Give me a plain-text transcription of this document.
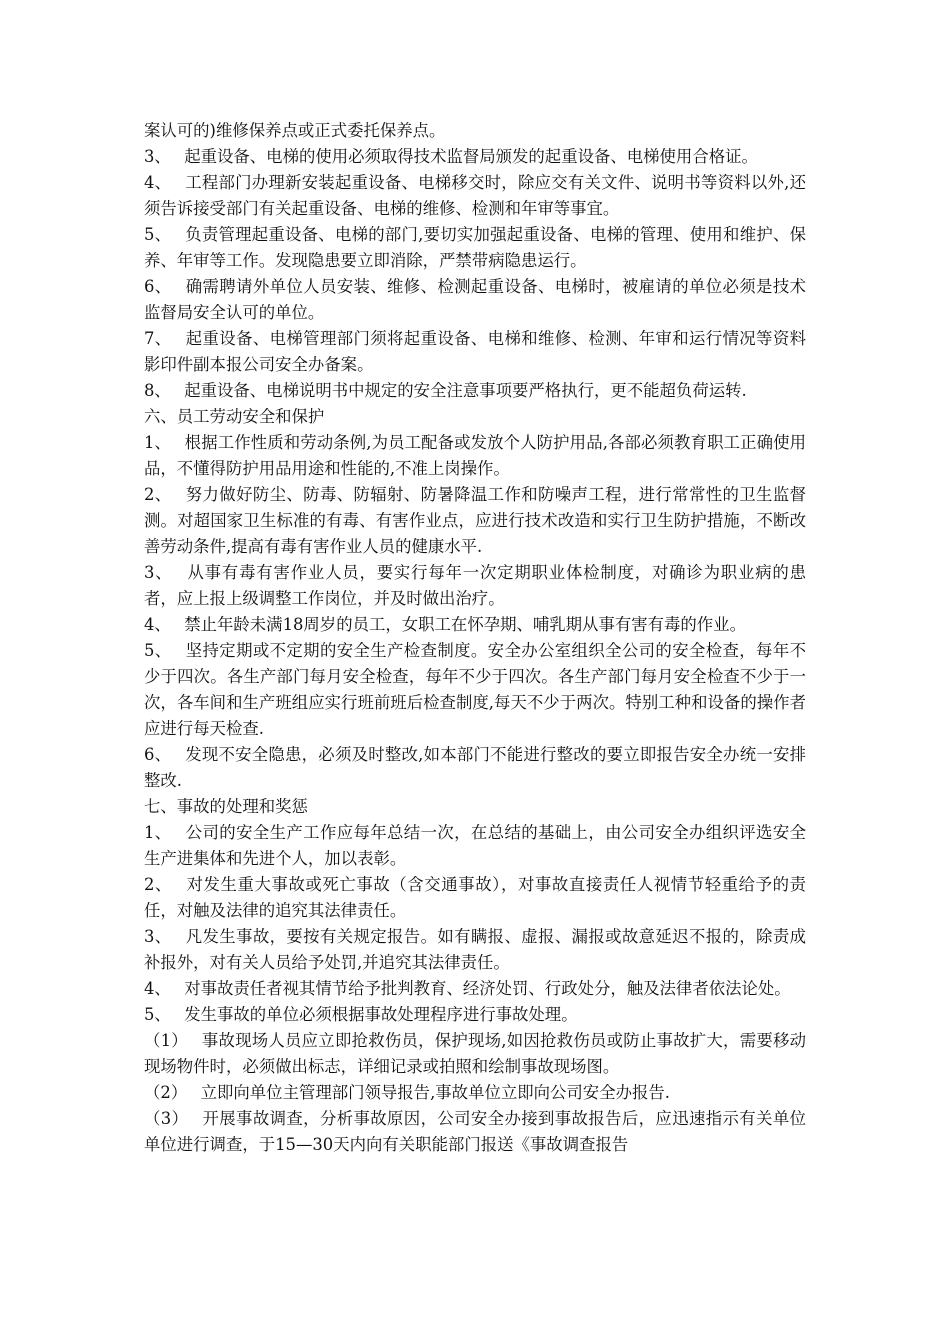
案认可的)维修保养点或正式委托保养点。

3、　 起重设备、电梯的使用必须取得技术监督局颁发的起重设备、电梯使用合格证。

4、　 工程部门办理新安装起重设备、电梯移交时，除应交有关文件、说明书等资料以外,还须告诉接受部门有关起重设备、电梯的维修、检测和年审等事宜。

5、　 负责管理起重设备、电梯的部门,要切实加强起重设备、电梯的管理、使用和维护、保养、年审等工作。发现隐患要立即消除，严禁带病隐患运行。

6、　 确需聘请外单位人员安装、维修、检测起重设备、电梯时，被雇请的单位必须是技术监督局安全认可的单位。

7、　 起重设备、电梯管理部门须将起重设备、电梯和维修、检测、年审和运行情况等资料影印件副本报公司安全办备案。

8、　 起重设备、电梯说明书中规定的安全注意事项要严格执行，更不能超负荷运转.

六、员工劳动安全和保护

1、　 根据工作性质和劳动条例,为员工配备或发放个人防护用品,各部必须教育职工正确使用品，不懂得防护用品用途和性能的,不准上岗操作。

2、　 努力做好防尘、防毒、防辐射、防暑降温工作和防噪声工程，进行常常性的卫生监督测。对超国家卫生标准的有毒、有害作业点，应进行技术改造和实行卫生防护措施，不断改善劳动条件,提高有毒有害作业人员的健康水平.

3、　 从事有毒有害作业人员，要实行每年一次定期职业体检制度，对确诊为职业病的患者，应上报上级调整工作岗位，并及时做出治疗。

4、　 禁止年龄未满18周岁的员工，女职工在怀孕期、哺乳期从事有害有毒的作业。

5、　 坚持定期或不定期的安全生产检查制度。安全办公室组织全公司的安全检查，每年不少于四次。各生产部门每月安全检查，每年不少于四次。各生产部门每月安全检查不少于一次，各车间和生产班组应实行班前班后检查制度,每天不少于两次。特别工种和设备的操作者应进行每天检查.

6、　 发现不安全隐患，必须及时整改,如本部门不能进行整改的要立即报告安全办统一安排整改.

七、事故的处理和奖惩

1、　 公司的安全生产工作应每年总结一次，在总结的基础上，由公司安全办组织评选安全生产进集体和先进个人，加以表彰。

2、　 对发生重大事故或死亡事故（含交通事故），对事故直接责任人视情节轻重给予的责任，对触及法律的追究其法律责任。

3、　 凡发生事故，要按有关规定报告。如有瞒报、虚报、漏报或故意延迟不报的，除责成补报外，对有关人员给予处罚,并追究其法律责任。

4、　 对事故责任者视其情节给予批判教育、经济处罚、行政处分，触及法律者依法论处。

5、　 发生事故的单位必须根据事故处理程序进行事故处理。

（1）　 事故现场人员应立即抢救伤员，保护现场,如因抢救伤员或防止事故扩大，需要移动现场物件时，必须做出标志，详细记录或拍照和绘制事故现场图。

（2）　 立即向单位主管理部门领导报告,事故单位立即向公司安全办报告.

（3）　 开展事故调查，分析事故原因，公司安全办接到事故报告后，应迅速指示有关单位单位进行调查，于15—30天内向有关职能部门报送《事故调查报告
